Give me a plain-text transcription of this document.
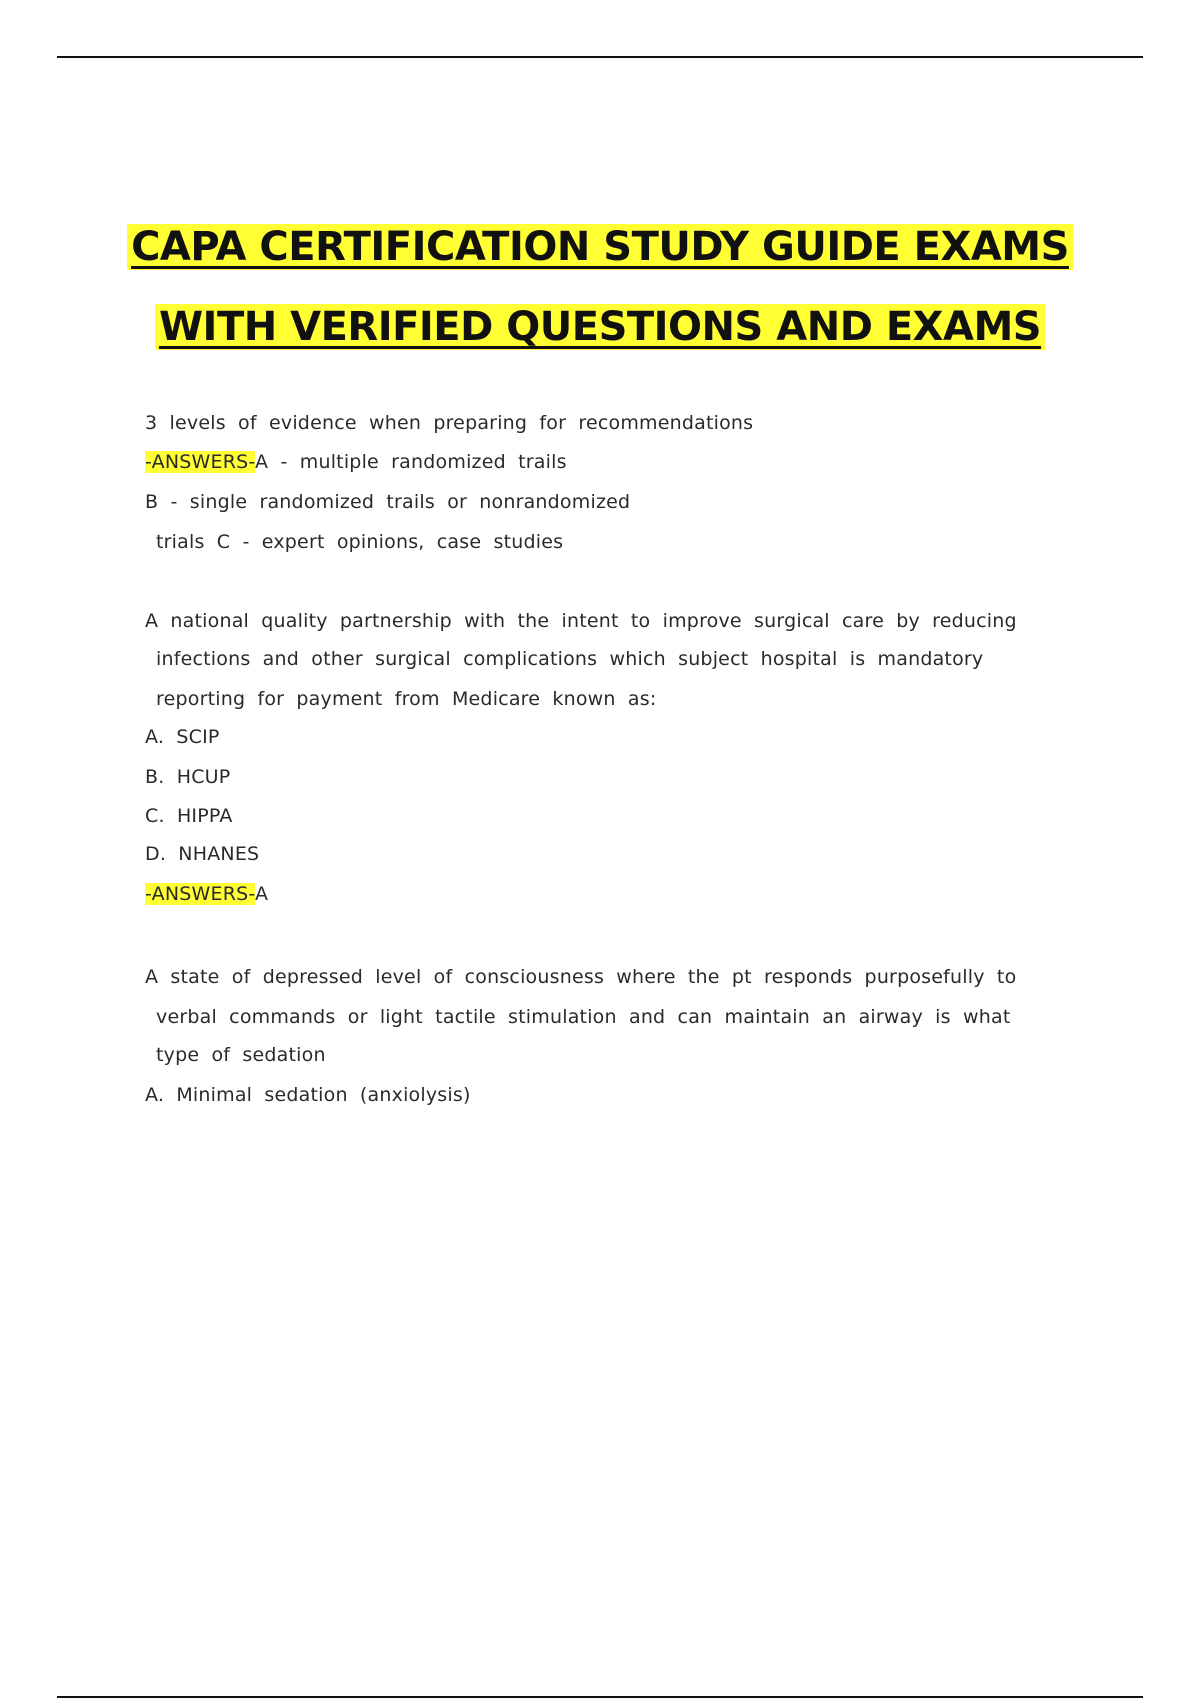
CAPA CERTIFICATION STUDY GUIDE EXAMS
WITH VERIFIED QUESTIONS AND EXAMS
3 levels of evidence when preparing for recommendations
-ANSWERS-A - multiple randomized trails
B - single randomized trails or nonrandomized
trials C - expert opinions, case studies
A national quality partnership with the intent to improve surgical care by reducing
infections and other surgical complications which subject hospital is mandatory
reporting for payment from Medicare known as:
A. SCIP
B. HCUP
C. HIPPA
D. NHANES
-ANSWERS-A
A state of depressed level of consciousness where the pt responds purposefully to
verbal commands or light tactile stimulation and can maintain an airway is what
type of sedation
A. Minimal sedation (anxiolysis)
